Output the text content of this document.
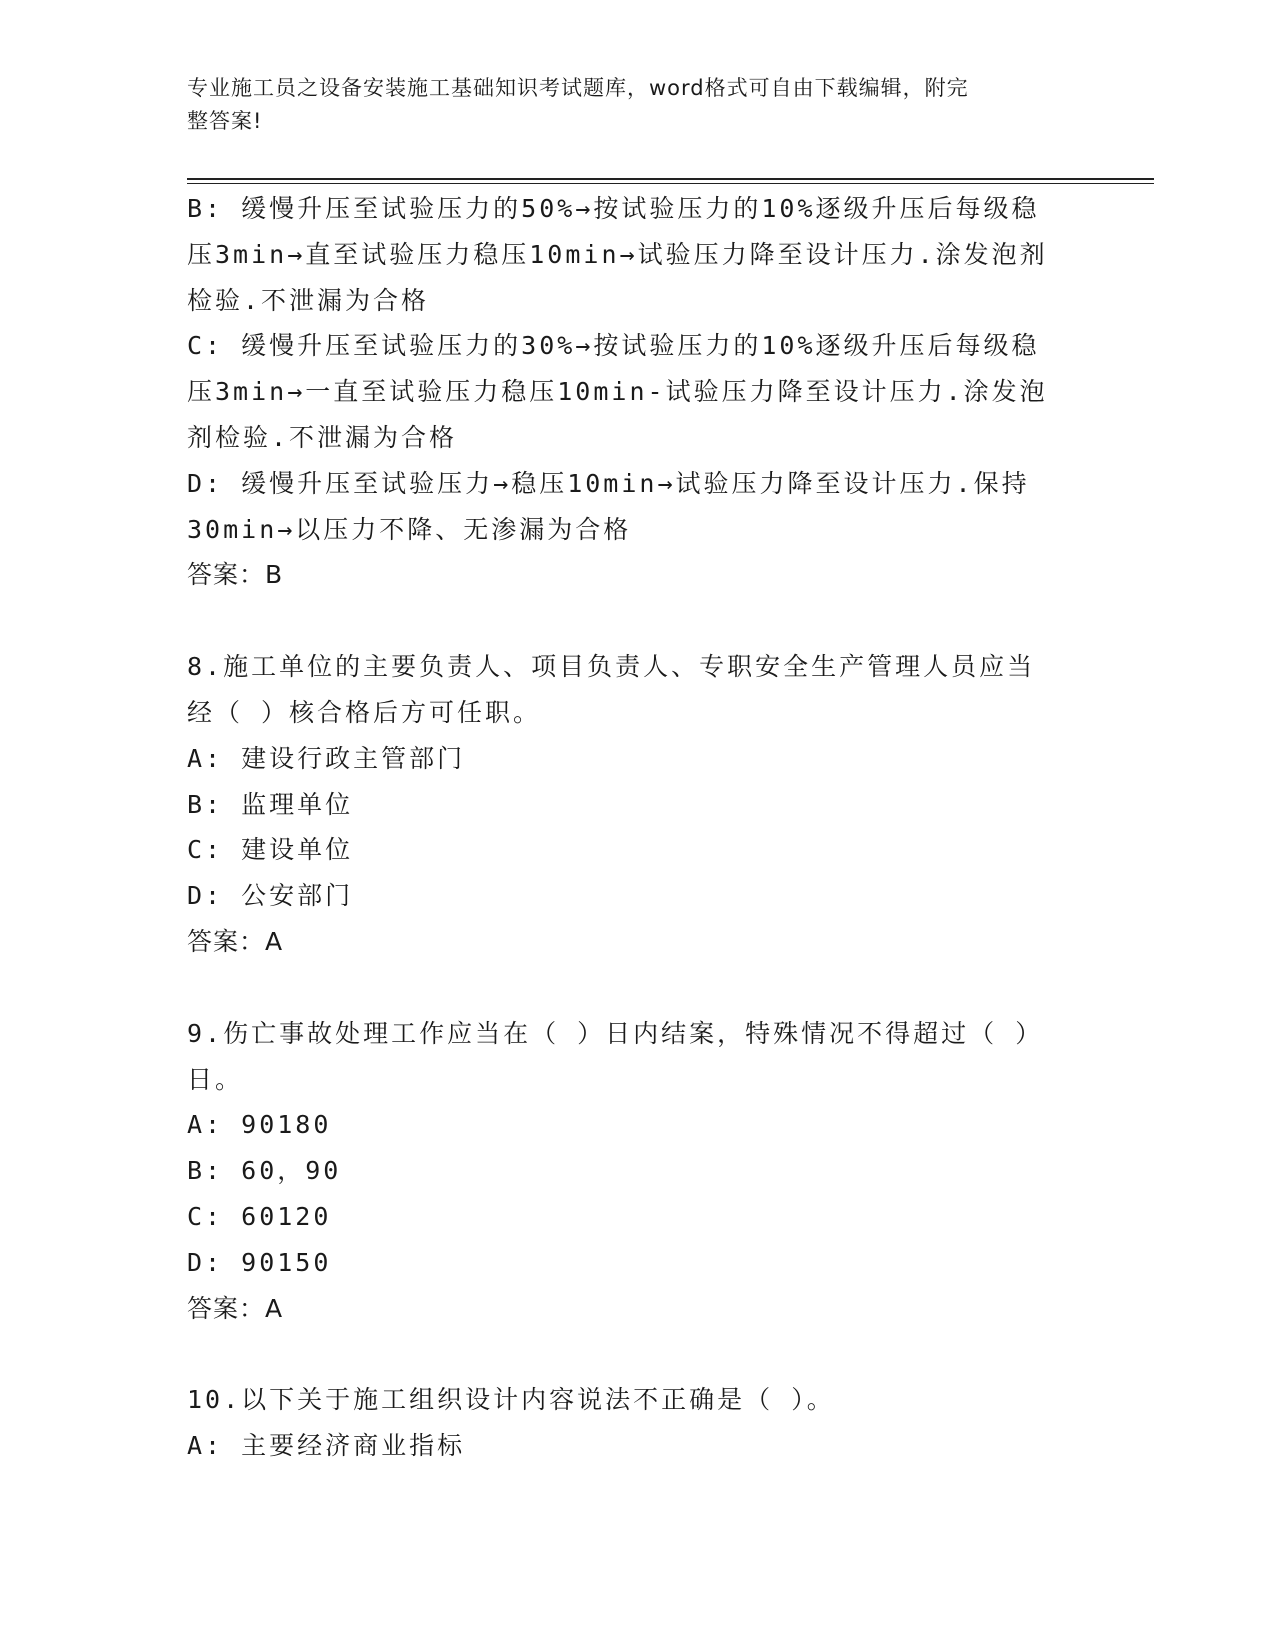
专业施工员之设备安装施工基础知识考试题库，word格式可自由下载编辑，附完
整答案!
B: 缓慢升压至试验压力的50%→按试验压力的10%逐级升压后每级稳
压3min→直至试验压力稳压10min→试验压力降至设计压力.涂发泡剂
检验.不泄漏为合格
C: 缓慢升压至试验压力的30%→按试验压力的10%逐级升压后每级稳
压3min→一直至试验压力稳压10min-试验压力降至设计压力.涂发泡
剂检验.不泄漏为合格
D: 缓慢升压至试验压力→稳压10min→试验压力降至设计压力.保持
30min→以压力不降、无渗漏为合格
答案：B
8.施工单位的主要负责人、项目负责人、专职安全生产管理人员应当
经（ ）核合格后方可任职。
A: 建设行政主管部门
B: 监理单位
C: 建设单位
D: 公安部门
答案：A
9.伤亡事故处理工作应当在（ ）日内结案，特殊情况不得超过（ ）
日。
A: 90180
B: 60，90
C: 60120
D: 90150
答案：A
10.以下关于施工组织设计内容说法不正确是（ ）。
A: 主要经济商业指标
